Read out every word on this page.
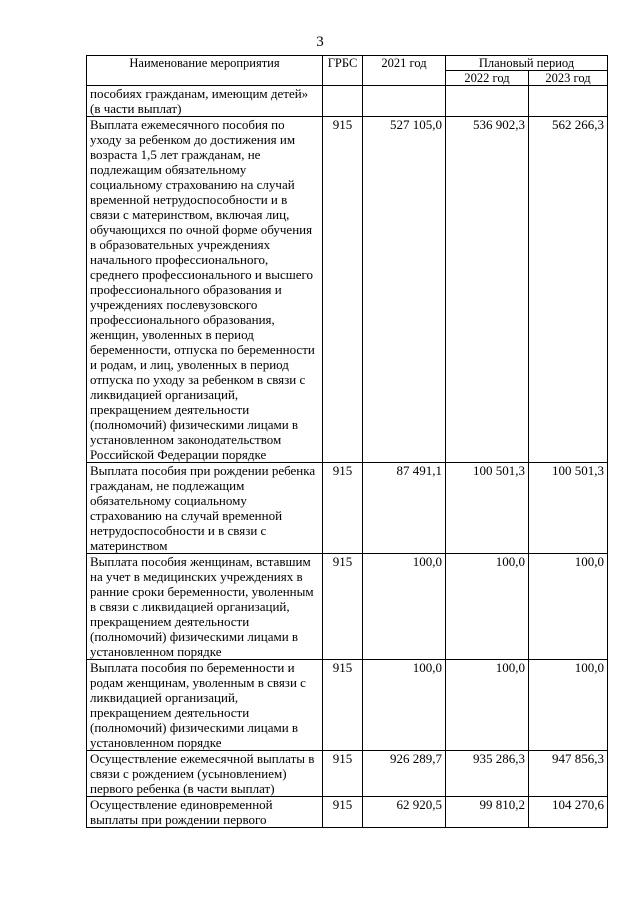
3
Наименование мероприятия	ГРБС	2021 год	Плановый период	
			2022 год	2023 год
пособиях гражданам, имеющим детей» (в части выплат)				
Выплата ежемесячного пособия по уходу за ребенком до достижения им возраста 1,5 лет гражданам, не подлежащим обязательному социальному страхованию на случай временной нетрудоспособности и в связи с материнством, включая лиц, обучающихся по очной форме обучения в образовательных учреждениях начального профессионального, среднего профессионального и высшего профессионального образования и учреждениях послевузовского профессионального образования, женщин, уволенных в период беременности, отпуска по беременности и родам, и лиц, уволенных в период отпуска по уходу за ребенком в связи с ликвидацией организаций, прекращением деятельности (полномочий) физическими лицами в установленном законодательством Российской Федерации порядке	915	527 105,0	536 902,3	562 266,3
Выплата пособия при рождении ребенка гражданам, не подлежащим обязательному социальному страхованию на случай временной нетрудоспособности и в связи с материнством	915	87 491,1	100 501,3	100 501,3
Выплата пособия женщинам, вставшим на учет в медицинских учреждениях в ранние сроки беременности, уволенным в связи с ликвидацией организаций, прекращением деятельности (полномочий) физическими лицами в установленном порядке	915	100,0	100,0	100,0
Выплата пособия по беременности и родам женщинам, уволенным в связи с ликвидацией организаций, прекращением деятельности (полномочий) физическими лицами в установленном порядке	915	100,0	100,0	100,0
Осуществление ежемесячной выплаты в связи с рождением (усыновлением) первого ребенка (в части выплат)	915	926 289,7	935 286,3	947 856,3
Осуществление единовременной выплаты при рождении первого	915	62 920,5	99 810,2	104 270,6
